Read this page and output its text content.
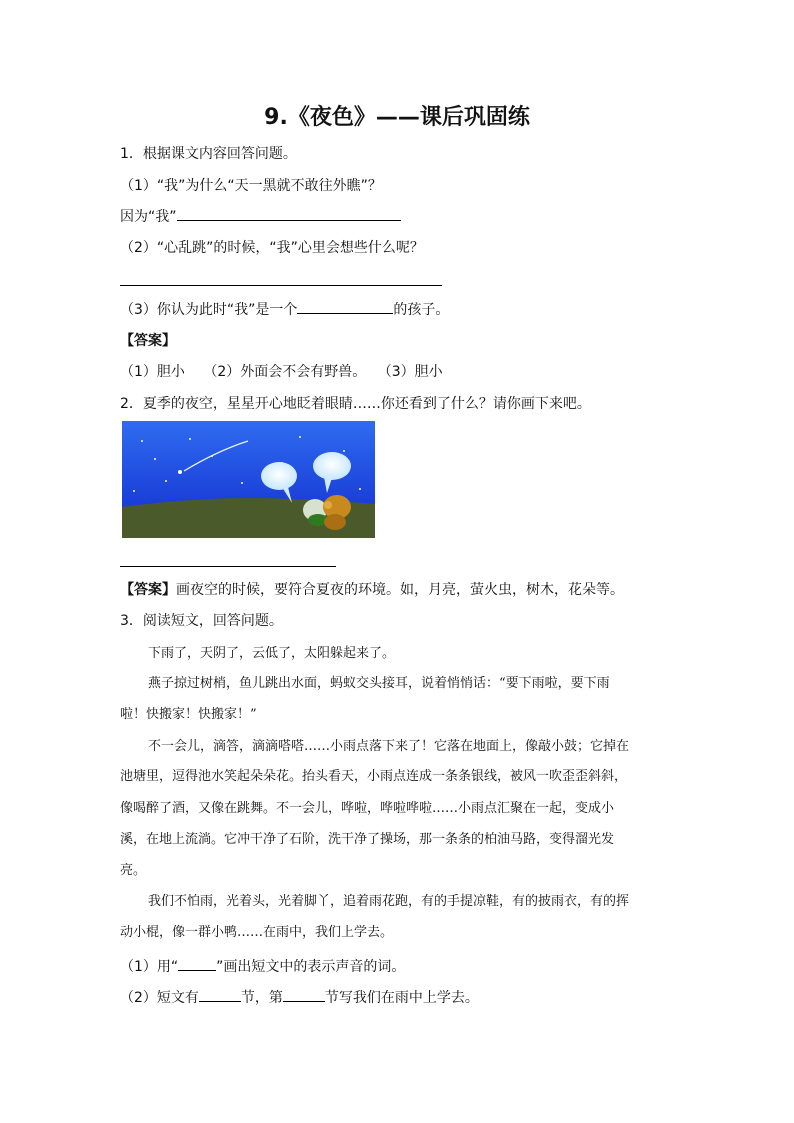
9.《夜色》——课后巩固练
1．根据课文内容回答问题。
（1）“我”为什么“天一黑就不敢往外瞧”？
因为“我”
（2）“心乱跳”的时候，“我”心里会想些什么呢？
（3）你认为此时“我”是一个	的孩子。
【答案】
（1）胆小　 （2）外面会不会有野兽。　 （3）胆小
2．夏季的夜空，星星开心地眨着眼睛……你还看到了什么？请你画下来吧。
【答案】画夜空的时候，要符合夏夜的环境。如，月亮，萤火虫，树木，花朵等。
3．阅读短文，回答问题。
下雨了，天阴了，云低了，太阳躲起来了。
燕子掠过树梢，鱼儿跳出水面，蚂蚁交头接耳，说着悄悄话：“要下雨啦，要下雨
啦！快搬家！快搬家！”
不一会儿，滴答，滴滴嗒嗒……小雨点落下来了！它落在地面上，像敲小鼓；它掉在
池塘里，逗得池水笑起朵朵花。抬头看天，小雨点连成一条条银线，被风一吹歪歪斜斜，
像喝醉了酒，又像在跳舞。不一会儿，哗啦，哗啦哗啦……小雨点汇聚在一起，变成小
溪，在地上流淌。它冲干净了石阶，洗干净了操场，那一条条的柏油马路，变得溜光发
亮。
我们不怕雨，光着头，光着脚丫，追着雨花跑，有的手提凉鞋，有的披雨衣，有的挥
动小棍，像一群小鸭……在雨中，我们上学去。
（1）用“	”画出短文中的表示声音的词。
（2）短文有	节，第	节写我们在雨中上学去。
